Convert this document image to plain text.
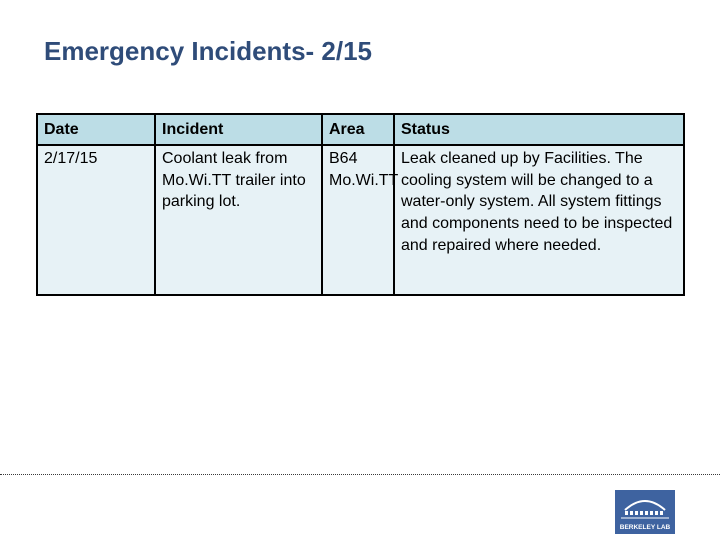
Emergency Incidents- 2/15
Date	Incident	Area	Status
2/17/15	Coolant leak from Mo.Wi.TT trailer into parking lot.	B64 Mo.Wi.TT	Leak cleaned up by Facilities. The cooling system will be changed to a water-only system. All system fittings and components need to be inspected and repaired where needed.
BERKELEY LAB
